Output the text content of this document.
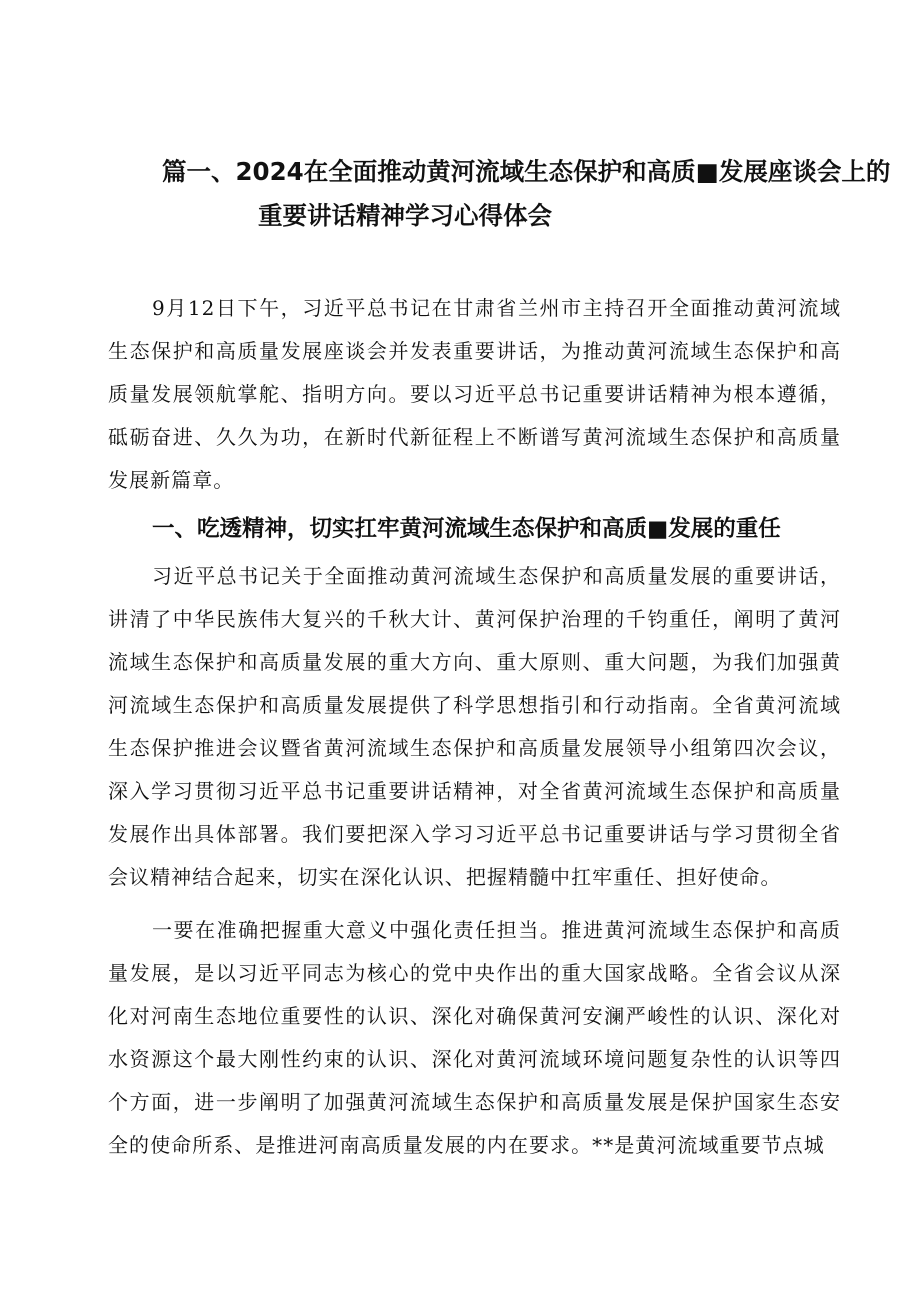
篇一、2024在全面推动黄河流域生态保护和高质■发展座谈会上的
重要讲话精神学习心得体会

9月12日下午，习近平总书记在甘肃省兰州市主持召开全面推动黄河流域生态保护和高质量发展座谈会并发表重要讲话，为推动黄河流域生态保护和高质量发展领航掌舵、指明方向。要以习近平总书记重要讲话精神为根本遵循，砥砺奋进、久久为功，在新时代新征程上不断谱写黄河流域生态保护和高质量发展新篇章。

一、吃透精神，切实扛牢黄河流域生态保护和高质■发展的重任

习近平总书记关于全面推动黄河流域生态保护和高质量发展的重要讲话，讲清了中华民族伟大复兴的千秋大计、黄河保护治理的千钧重任，阐明了黄河流域生态保护和高质量发展的重大方向、重大原则、重大问题，为我们加强黄河流域生态保护和高质量发展提供了科学思想指引和行动指南。全省黄河流域生态保护推进会议暨省黄河流域生态保护和高质量发展领导小组第四次会议，深入学习贯彻习近平总书记重要讲话精神，对全省黄河流域生态保护和高质量发展作出具体部署。我们要把深入学习习近平总书记重要讲话与学习贯彻全省会议精神结合起来，切实在深化认识、把握精髓中扛牢重任、担好使命。

一要在准确把握重大意义中强化责任担当。推进黄河流域生态保护和高质量发展，是以习近平同志为核心的党中央作出的重大国家战略。全省会议从深化对河南生态地位重要性的认识、深化对确保黄河安澜严峻性的认识、深化对水资源这个最大刚性约束的认识、深化对黄河流域环境问题复杂性的认识等四个方面，进一步阐明了加强黄河流域生态保护和高质量发展是保护国家生态安全的使命所系、是推进河南高质量发展的内在要求。**是黄河流域重要节点城
